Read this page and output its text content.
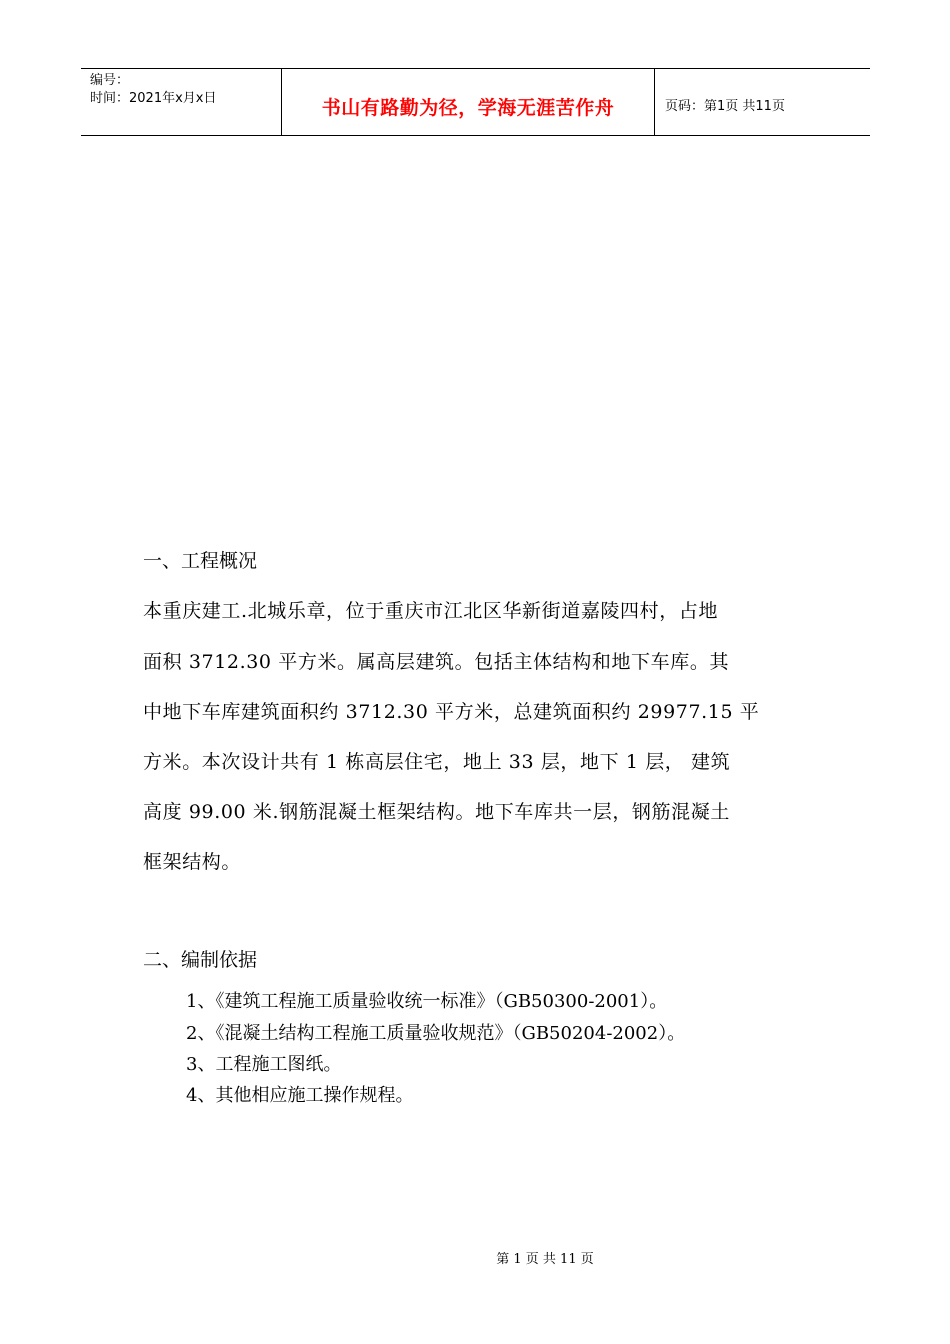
编号：
时间：2021年x月x日	书山有路勤为径，学海无涯苦作舟	页码：第1页 共11页
一、工程概况
本重庆建工.北城乐章，位于重庆市江北区华新街道嘉陵四村，占地
面积 3712.30 平方米。属高层建筑。包括主体结构和地下车库。其
中地下车库建筑面积约 3712.30 平方米，总建筑面积约 29977.15 平
方米。本次设计共有 1 栋高层住宅，地上 33 层，地下 1 层， 建筑
高度 99.00 米.钢筋混凝土框架结构。地下车库共一层，钢筋混凝土
框架结构。
二、编制依据
1、《建筑工程施工质量验收统一标准》（GB50300-2001）。
2、《混凝土结构工程施工质量验收规范》（GB50204-2002）。
3、工程施工图纸。
4、其他相应施工操作规程。
第 1 页 共 11 页
